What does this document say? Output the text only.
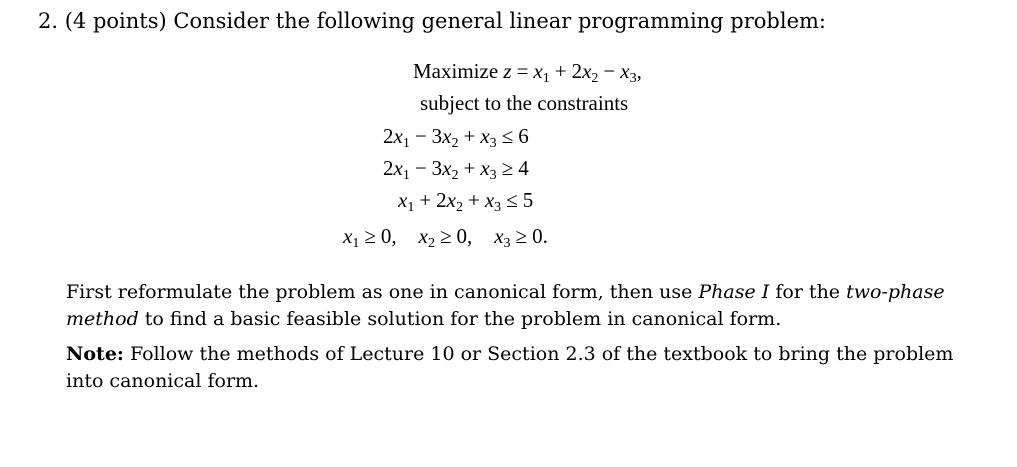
2. (4 points) Consider the following general linear programming problem:
Maximize z = x1 + 2x2 − x3,
subject to the constraints
2x1 − 3x2 + x3 ≤ 6
2x1 − 3x2 + x3 ≥ 4
x1 + 2x2 + x3 ≤ 5
x1 ≥ 0, x2 ≥ 0, x3 ≥ 0.
First reformulate the problem as one in canonical form, then use Phase I for the two-phase method to find a basic feasible solution for the problem in canonical form.
Note: Follow the methods of Lecture 10 or Section 2.3 of the textbook to bring the problem into canonical form.
